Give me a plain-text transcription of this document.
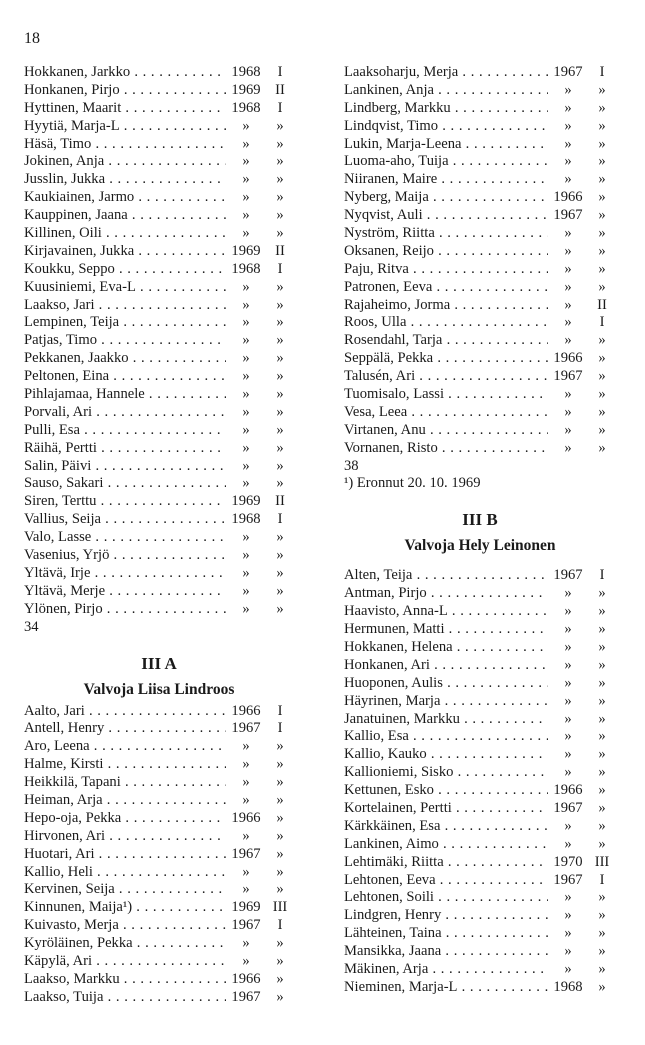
18
Hokkanen, Jarkko . . .	1968	I
Honkanen, Pirjo . . .	1969 II
Hyttinen, Maarit . . .	1968	I
Hyytiä, Marja-L . . .	»	»
Häsä, Timo . . .	»	»
Jokinen, Anja . . .	»	»
Jusslin, Jukka . . .	»	»
Kaukiainen, Jarmo . . .	»	»
Kauppinen, Jaana . . .	»	»
Killinen, Oili . . .	»	»
Kirjavainen, Jukka . . .	1969 II
Koukku, Seppo . . .	1968	I
Kuusiniemi, Eva-L . . .	»	»
Laakso, Jari . . .	»	»
Lempinen, Teija . . .	»	»
Patjas, Timo . . .	»	»
Pekkanen, Jaakko . . .	»	»
Peltonen, Eina . . .	»	»
Pihlajamaa, Hannele . . .	»	»
Porvali, Ari . . .	»	»
Pulli, Esa . . .	»	»
Räihä, Pertti . . .	»	»
Salin, Päivi . . .	»	»
Sauso, Sakari . . .	»	»
Siren, Terttu . . .	1969 II
Vallius, Seija . . .	1968	I
Valo, Lasse . . .	»	»
Vasenius, Yrjö . . .	»	»
Yltävä, Irje . . .	»	»
Yltävä, Merje . . .	»	»
Ylönen, Pirjo . . .	»	»
34
III A
Valvoja Liisa Lindroos
Aalto, Jari . . .	1966	I
Antell, Henry . . .	1967	I
Aro, Leena . . .	»	»
Halme, Kirsti . . .	»	»
Heikkilä, Tapani . . .	»	»
Heiman, Arja . . .	»	»
Hepo-oja, Pekka . . .	1966	»
Hirvonen, Ari . . .	»	»
Huotari, Ari . . .	1967	»
Kallio, Heli . . .	»	»
Kervinen, Seija . . .	»	»
Kinnunen, Maija¹) . . .	1969 III
Kuivasto, Merja . . .	1967	I
Kyröläinen, Pekka . . .	»	»
Käpylä, Ari . . .	»	»
Laakso, Markku . . .	1966	»
Laakso, Tuija . . .	1967	»
Laaksoharju, Merja . . .	1967	I
Lankinen, Anja . . .	»	»
Lindberg, Markku . . .	»	»
Lindqvist, Timo . . .	»	»
Lukin, Marja-Leena . . .	»	»
Luoma-aho, Tuija . . .	»	»
Niiranen, Maire . . .	»	»
Nyberg, Maija . . .	1966	»
Nyqvist, Auli . . .	1967	»
Nyström, Riitta . . .	»	»
Oksanen, Reijo . . .	»	»
Paju, Ritva . . .	»	»
Patronen, Eeva . . .	»	»
Rajaheimo, Jorma . . .	»	II
Roos, Ulla . . .	»	I
Rosendahl, Tarja . . .	»	»
Seppälä, Pekka . . .	1966	»
Talusén, Ari . . .	1967	»
Tuomisalo, Lassi . . .	»	»
Vesa, Leea . . .	»	»
Virtanen, Anu . . .	»	»
Vornanen, Risto . . .	»	»
38
¹) Eronnut 20. 10. 1969
III B
Valvoja Hely Leinonen
Alten, Teija . . .	1967	I
Antman, Pirjo . . .	»	»
Haavisto, Anna-L . . .	»	»
Hermunen, Matti . . .	»	»
Hokkanen, Helena . . .	»	»
Honkanen, Ari . . .	»	»
Huoponen, Aulis . . .	»	»
Häyrinen, Marja . . .	»	»
Janatuinen, Markku . . .	»	»
Kallio, Esa . . .	»	»
Kallio, Kauko . . .	»	»
Kallioniemi, Sisko . . .	»	»
Kettunen, Esko . . .	1966	»
Kortelainen, Pertti . . .	1967	»
Kärkkäinen, Esa . . .	»	»
Lankinen, Aimo . . .	»	»
Lehtimäki, Riitta . . .	1970 III
Lehtonen, Eeva . . .	1967	I
Lehtonen, Soili . . .	»	»
Lindgren, Henry . . .	»	»
Lähteinen, Taina . . .	»	»
Mansikka, Jaana . . .	»	»
Mäkinen, Arja . . .	»	»
Nieminen, Marja-L . . .	1968	»
